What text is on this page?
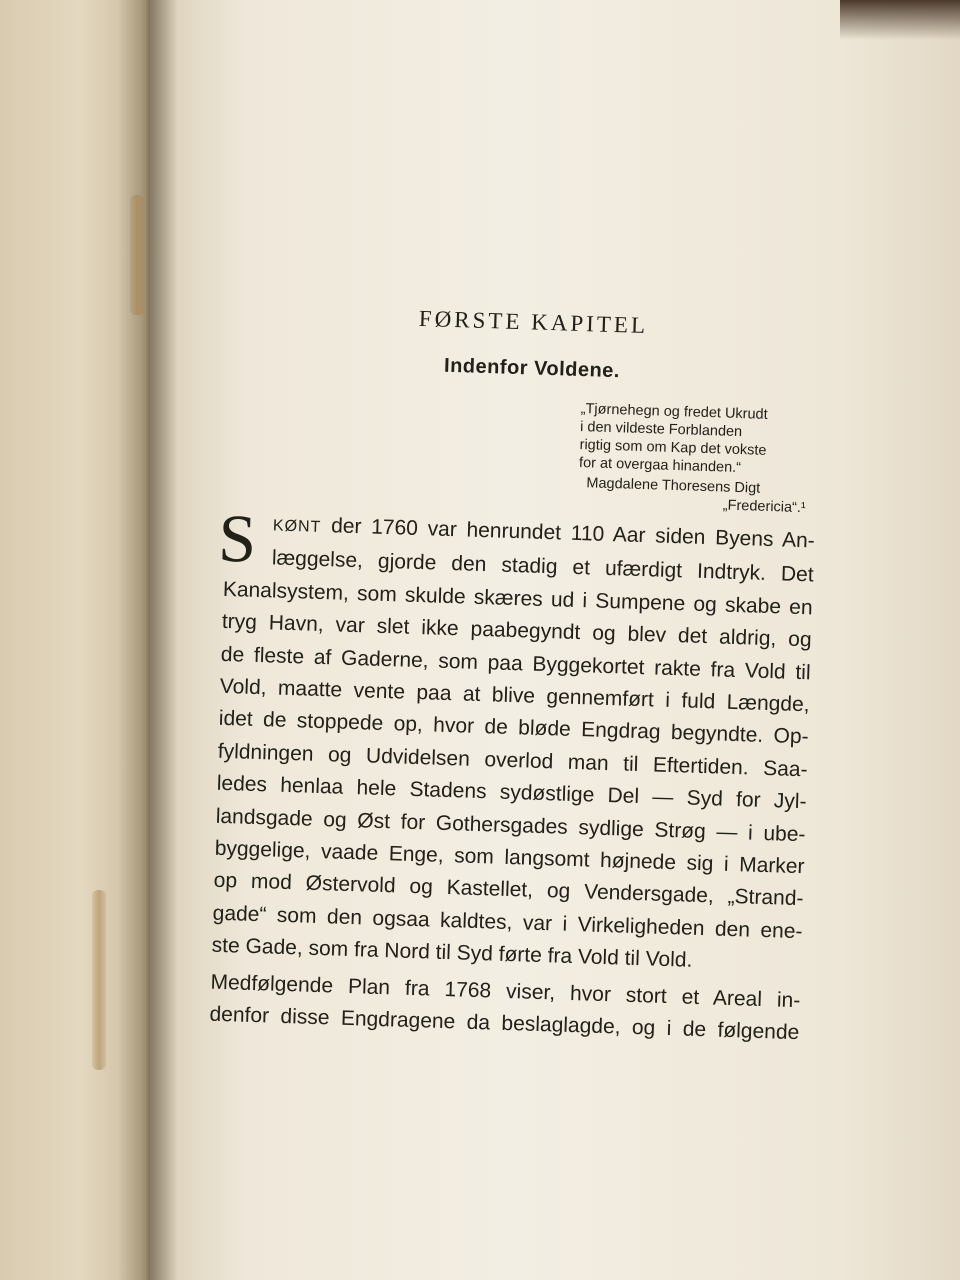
FØRSTE KAPITEL
Indenfor Voldene.
„Tjørnehegn og fredet Ukrudt
i den vildeste Forblanden
rigtig som om Kap det vokste
for at overgaa hinanden.“
Magdalene Thoresens Digt
„Fredericia“.¹
S KØNT der 1760 var henrundet 110 Aar siden Byens An-
læggelse, gjorde den stadig et ufærdigt Indtryk. Det
Kanalsystem, som skulde skæres ud i Sumpene og skabe en
tryg Havn, var slet ikke paabegyndt og blev det aldrig, og
de fleste af Gaderne, som paa Byggekortet rakte fra Vold til
Vold, maatte vente paa at blive gennemført i fuld Længde,
idet de stoppede op, hvor de bløde Engdrag begyndte. Op-
fyldningen og Udvidelsen overlod man til Eftertiden. Saa-
ledes henlaa hele Stadens sydøstlige Del — Syd for Jyl-
landsgade og Øst for Gothersgades sydlige Strøg — i ube-
byggelige, vaade Enge, som langsomt højnede sig i Marker
op mod Østervold og Kastellet, og Vendersgade, „Strand-
gade“ som den ogsaa kaldtes, var i Virkeligheden den ene-
ste Gade, som fra Nord til Syd førte fra Vold til Vold.
Medfølgende Plan fra 1768 viser, hvor stort et Areal in-
denfor disse Engdragene da beslaglagde, og i de følgende
